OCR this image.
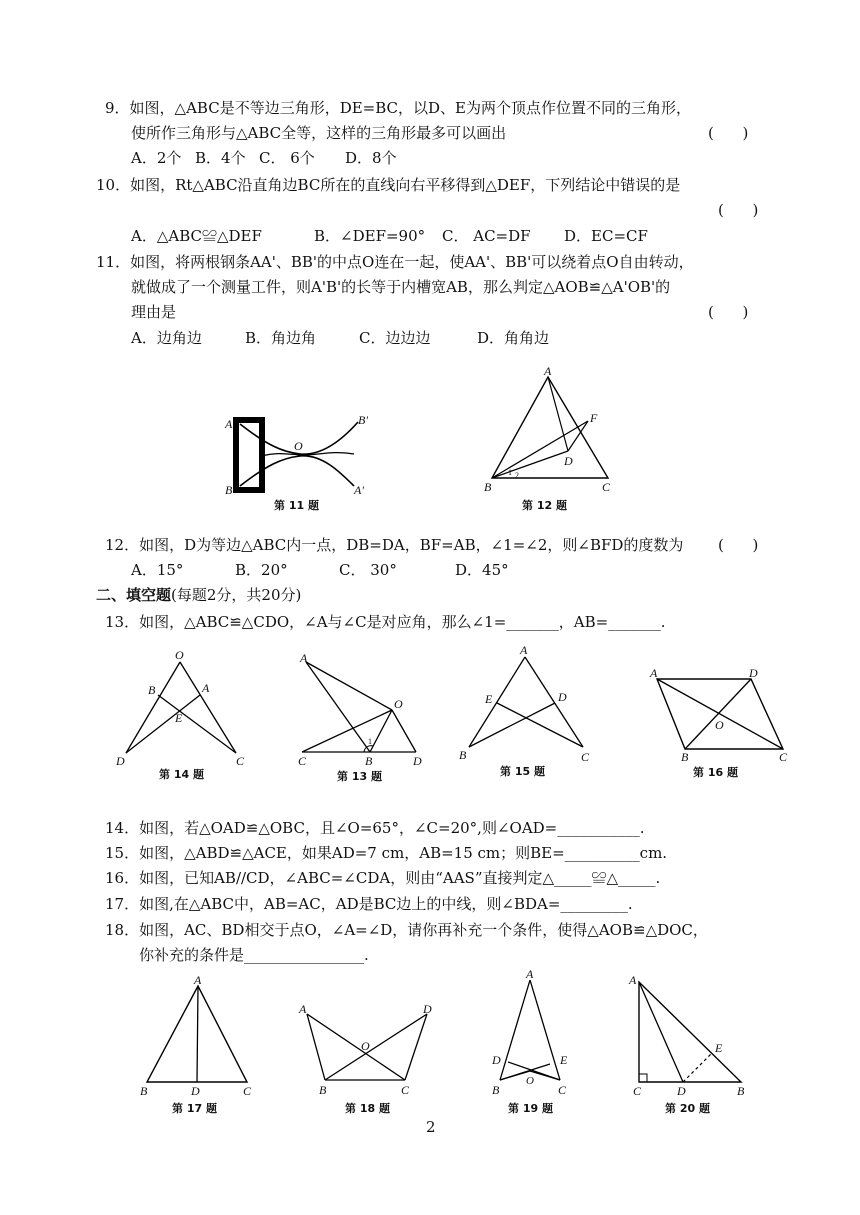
9．如图，△ABC是不等边三角形，DE=BC，以D、E为两个顶点作位置不同的三角形，
使所作三角形与△ABC全等，这样的三角形最多可以画出	(      )
A．2个 B．4个 C． 6个 D．8个
10．如图，Rt△ABC沿直角边BC所在的直线向右平移得到△DEF，下列结论中错误的是
(      )
A．△ABC≌△DEF	B．∠DEF=90° C． AC=DF D．EC=CF
11．如图，将两根钢条AA'、BB'的中点O连在一起，使AA'、BB'可以绕着点O自由转动，
就做成了一个测量工件，则A'B'的长等于内槽宽AB，那么判定△AOB≌△A'OB'的
理由是	(      )
A．边角边	B．角边角	C．边边边	D．角角边
A
B
O
B'
A'
第 11 题
A
B	C
D
F
1 2
第 12 题
12．如图，D为等边△ABC内一点，DB=DA，BF=AB，∠1=∠2，则∠BFD的度数为 (      )
A．15°	B．20°	C． 30°	D．45°
二、填空题(每题2分，共20分)
13．如图，△ABC≌△CDO，∠A与∠C是对应角，那么∠1=_______，AB=_______.
O
B	A
E
D	C
第 14 题
A
O
1
C	B	D
第 13 题
A
E	D
B	C
第 15 题
A	D
O
B	C
第 16 题
14．如图，若△OAD≌△OBC，且∠O=65°，∠C=20°,则∠OAD=___________.
15．如图，△ABD≌△ACE，如果AD=7 cm，AB=15 cm；则BE=__________cm.
16．如图，已知AB//CD，∠ABC=∠CDA，则由“AAS”直接判定△_____≌△_____.
17．如图,在△ABC中，AB=AC，AD是BC边上的中线，则∠BDA=_________.
18．如图，AC、BD相交于点O，∠A=∠D，请你再补充一个条件，使得△AOB≌△DOC，
你补充的条件是________________.
A
B	D	C
第 17 题
A	D
O
B	C
第 18 题
A
D	E
O
B	C
第 19 题
A
E
C	D	B
第 20 题
2
